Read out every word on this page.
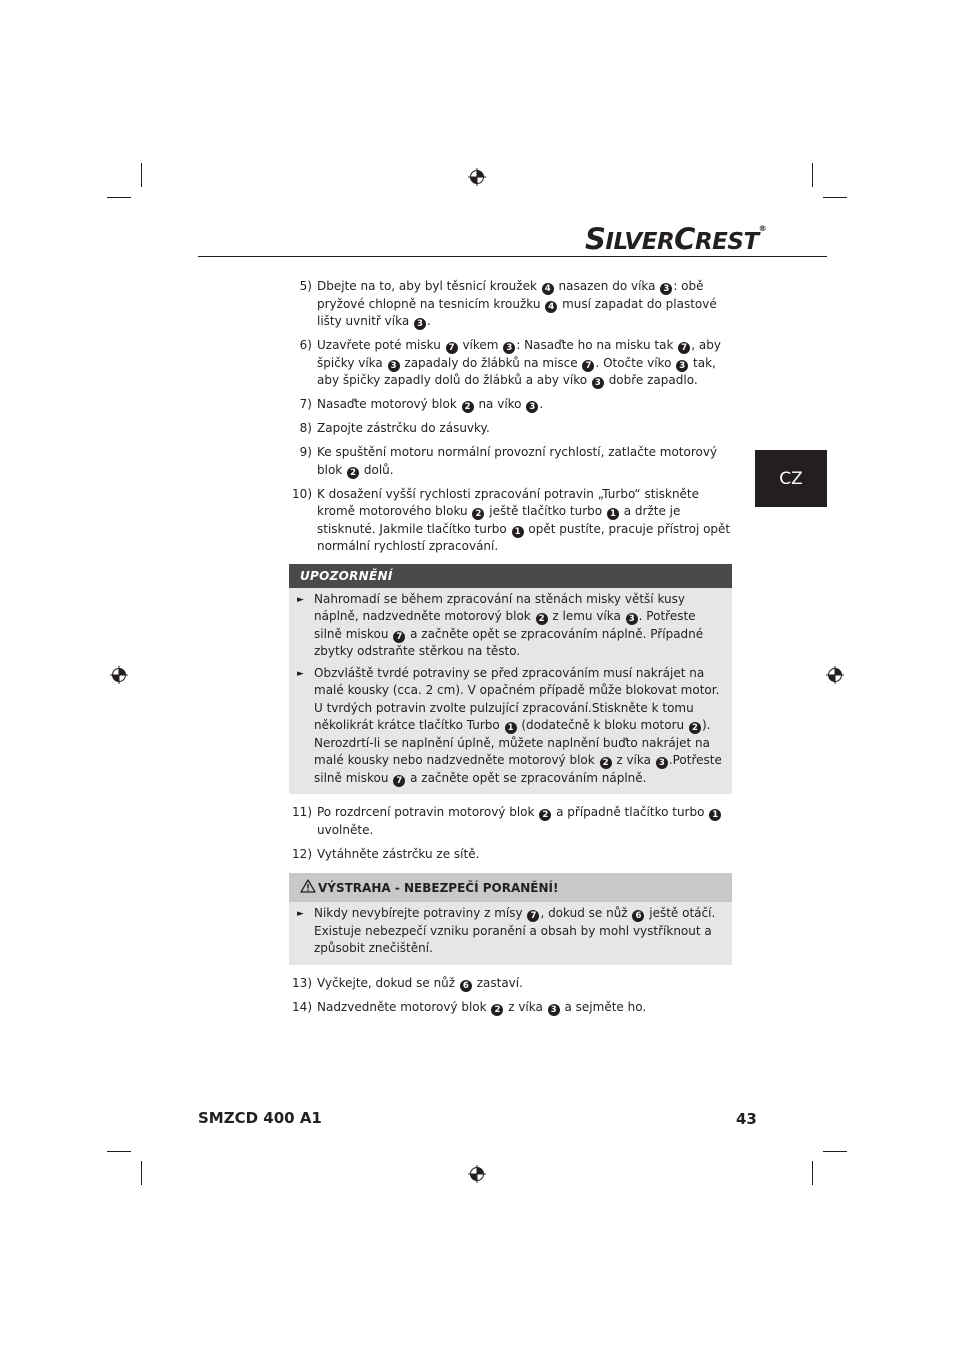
SILVERCREST®
CZ
5) Dbejte na to, aby byl těsnicí kroužek 4 nasazen do víka 3 : obě pryžové chlopně na tesnicím kroužku 4 musí zapadat do plastové lišty uvnitř víka 3 .
6) Uzavřete poté misku 7 víkem 3 : Nasaďte ho na misku tak 7 , aby špičky víka 3 zapadaly do žlábků na misce 7 . Otočte víko 3 tak, aby špičky zapadly dolů do žlábků a aby víko 3 dobře zapadlo.
7) Nasaďte motorový blok 2 na víko 3 .
8) Zapojte zástrčku do zásuvky.
9) Ke spuštění motoru normální provozní rychlostí, zatlačte motorový blok 2 dolů.
10) K dosažení vyšší rychlosti zpracování potravin „Turbo“ stiskněte kromě motorového bloku 2 ještě tlačítko turbo 1 a držte je stisknuté. Jakmile tlačítko turbo 1 opět pustíte, pracuje přístroj opět normální rychlostí zpracování.
UPOZORNĚNÍ
► Nahromadí se během zpracování na stěnách misky větší kusy náplně, nadzvedněte motorový blok 2 z lemu víka 3 . Potřeste silně miskou 7 a začněte opět se zpracováním náplně. Případné zbytky odstraňte stěrkou na těsto.
► Obzvláště tvrdé potraviny se před zpracováním musí nakrájet na malé kousky (cca. 2 cm). V opačném případě může blokovat motor. U tvrdých potravin zvolte pulzující zpracování.Stiskněte k tomu několikrát krátce tlačítko Turbo 1 (dodatečně k bloku motoru 2 ). Nerozdrtí-li se naplnění úplně, můžete naplnění buďto nakrájet na malé kousky nebo nadzvedněte motorový blok 2 z víka 3 .Potřeste silně miskou 7 a začněte opět se zpracováním náplně.
11) Po rozdrcení potravin motorový blok 2 a případně tlačítko turbo 1 uvolněte.
12) Vytáhněte zástrčku ze sítě.
VÝSTRAHA - NEBEZPEČÍ PORANĚNÍ!
► Nikdy nevybírejte potraviny z mísy 7 , dokud se nůž 6 ještě otáčí. Existuje nebezpečí vzniku poranění a obsah by mohl vystříknout a způsobit znečištění.
13) Vyčkejte, dokud se nůž 6 zastaví.
14) Nadzvedněte motorový blok 2 z víka 3 a sejměte ho.
SMZCD 400 A1	43
